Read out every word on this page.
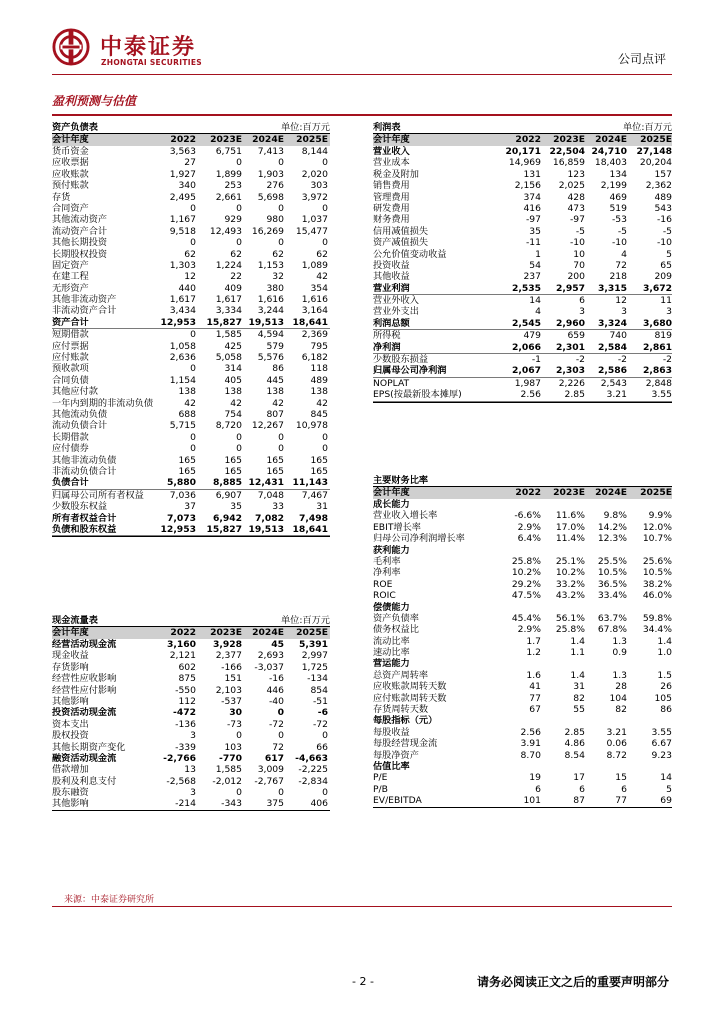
中泰证券
ZHONGTAI SECURITIES	公司点评
盈利预测与估值
资产负债表	单位:百万元
会计年度	2022	2023E	2024E	2025E
货币资金	3,563	6,751	7,413	8,144
应收票据	27	0	0	0
应收账款	1,927	1,899	1,903	2,020
预付账款	340	253	276	303
存货	2,495	2,661	5,698	3,972
合同资产	0	0	0	0
其他流动资产	1,167	929	980	1,037
流动资产合计	9,518	12,493	16,269	15,477
其他长期投资	0	0	0	0
长期股权投资	62	62	62	62
固定资产	1,303	1,224	1,153	1,089
在建工程	12	22	32	42
无形资产	440	409	380	354
其他非流动资产	1,617	1,617	1,616	1,616
非流动资产合计	3,434	3,334	3,244	3,164
资产合计	12,953	15,827 19,513 18,641
短期借款	0	1,585	4,594	2,369
应付票据	1,058	425	579	795
应付账款	2,636	5,058	5,576	6,182
预收款项	0	314	86	118
合同负债	1,154	405	445	489
其他应付款	138	138	138	138
一年内到期的非流动负债	42	42	42	42
其他流动负债	688	754	807	845
流动负债合计	5,715	8,720	12,267	10,978
长期借款	0	0	0	0
应付债券	0	0	0	0
其他非流动负债	165	165	165	165
非流动负债合计	165	165	165	165
负债合计	5,880	8,885 12,431 11,143
归属母公司所有者权益	7,036	6,907	7,048	7,467
少数股东权益	37	35	33	31
所有者权益合计	7,073	6,942	7,082	7,498
负债和股东权益	12,953	15,827 19,513 18,641
利润表	单位:百万元
会计年度	2022	2023E	2024E	2025E
营业收入	20,171 22,504 24,710	27,148
营业成本	14,969	16,859	18,403	20,204
税金及附加	131	123	134	157
销售费用	2,156	2,025	2,199	2,362
管理费用	374	428	469	489
研发费用	416	473	519	543
财务费用	-97	-97	-53	-16
信用减值损失	35	-5	-5	-5
资产减值损失	-11	-10	-10	-10
公允价值变动收益	1	10	4	5
投资收益	54	70	72	65
其他收益	237	200	218	209
营业利润	2,535	2,957	3,315	3,672
营业外收入	14	6	12	11
营业外支出	4	3	3	3
利润总额	2,545	2,960	3,324	3,680
所得税	479	659	740	819
净利润	2,066	2,301	2,584	2,861
少数股东损益	-1	-2	-2	-2
归属母公司净利润	2,067	2,303	2,586	2,863
NOPLAT	1,987	2,226	2,543	2,848
EPS(按最新股本摊厚)	2.56	2.85	3.21	3.55
主要财务比率
会计年度	2022	2023E	2024E	2025E
成长能力
营业收入增长率	-6.6%	11.6%	9.8%	9.9%
EBIT增长率	2.9%	17.0%	14.2%	12.0%
归母公司净利润增长率	6.4%	11.4%	12.3%	10.7%
获利能力
毛利率	25.8%	25.1%	25.5%	25.6%
净利率	10.2%	10.2%	10.5%	10.5%
ROE	29.2%	33.2%	36.5%	38.2%
ROIC	47.5%	43.2%	33.4%	46.0%
偿债能力
资产负债率	45.4%	56.1%	63.7%	59.8%
债务权益比	2.9%	25.8%	67.8%	34.4%
流动比率	1.7	1.4	1.3	1.4
速动比率	1.2	1.1	0.9	1.0
营运能力
总资产周转率	1.6	1.4	1.3	1.5
应收账款周转天数	41	31	28	26
应付账款周转天数	77	82	104	105
存货周转天数	67	55	82	86
每股指标（元）
每股收益	2.56	2.85	3.21	3.55
每股经营现金流	3.91	4.86	0.06	6.67
每股净资产	8.70	8.54	8.72	9.23
估值比率
P/E	19	17	15	14
P/B	6	6	6	5
EV/EBITDA	101	87	77	69
现金流量表	单位:百万元
会计年度	2022	2023E	2024E	2025E
经营活动现金流	3,160	3,928	45	5,391
现金收益	2,121	2,377	2,693	2,997
存货影响	602	-166	-3,037	1,725
经营性应收影响	875	151	-16	-134
经营性应付影响	-550	2,103	446	854
其他影响	112	-537	-40	-51
投资活动现金流	-472	30	0	-6
资本支出	-136	-73	-72	-72
股权投资	3	0	0	0
其他长期资产变化	-339	103	72	66
融资活动现金流	-2,766	-770	617	-4,663
借款增加	13	1,585	3,009	-2,225
股利及利息支付	-2,568	-2,012	-2,767	-2,834
股东融资	3	0	0	0
其他影响	-214	-343	375	406
来源：中泰证券研究所
- 2 -	请务必阅读正文之后的重要声明部分
